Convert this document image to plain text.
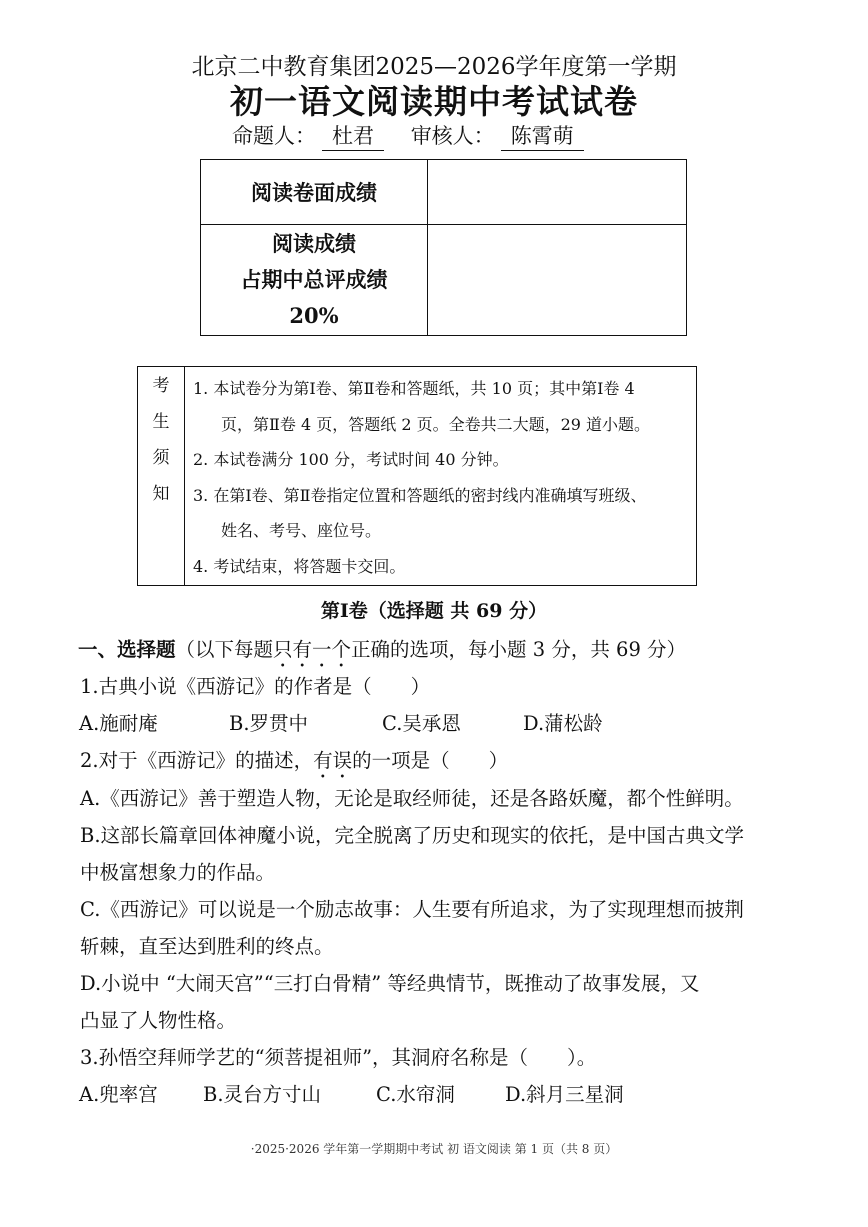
北京二中教育集团2025—2026学年度第一学期
初一语文阅读期中考试试卷
命题人： 杜君 审核人： 陈霄萌
阅读卷面成绩	

阅读成绩
占期中总评成绩
20%	

考
生
须
知

1. 本试卷分为第Ⅰ卷、第Ⅱ卷和答题纸，共 10 页；其中第Ⅰ卷 4
页，第Ⅱ卷 4 页，答题纸 2 页。全卷共二大题，29 道小题。
2. 本试卷满分 100 分，考试时间 40 分钟。
3. 在第Ⅰ卷、第Ⅱ卷指定位置和答题纸的密封线内准确填写班级、
姓名、考号、座位号。
4. 考试结束，将答题卡交回。
第Ⅰ卷（选择题 共 69 分）
一、选择题（以下每题只有一个正确的选项，每小题 3 分，共 69 分）
1.古典小说《西游记》的作者是（　　）
A.施耐庵	B.罗贯中	C.吴承恩	D.蒲松龄
2.对于《西游记》的描述，有误的一项是（　　）
A.《西游记》善于塑造人物，无论是取经师徒，还是各路妖魔，都个性鲜明。
B.这部长篇章回体神魔小说，完全脱离了历史和现实的依托，是中国古典文学
中极富想象力的作品。
C.《西游记》可以说是一个励志故事：人生要有所追求，为了实现理想而披荆
斩棘，直至达到胜利的终点。
D.小说中 “大闹天宫”“三打白骨精” 等经典情节，既推动了故事发展，又
凸显了人物性格。
3.孙悟空拜师学艺的“须菩提祖师”，其洞府名称是（　　）。
A.兜率宫 B.灵台方寸山	C.水帘洞	D.斜月三星洞
·2025·2026 学年第一学期期中考试 初 语文阅读 第 1 页（共 8 页）
